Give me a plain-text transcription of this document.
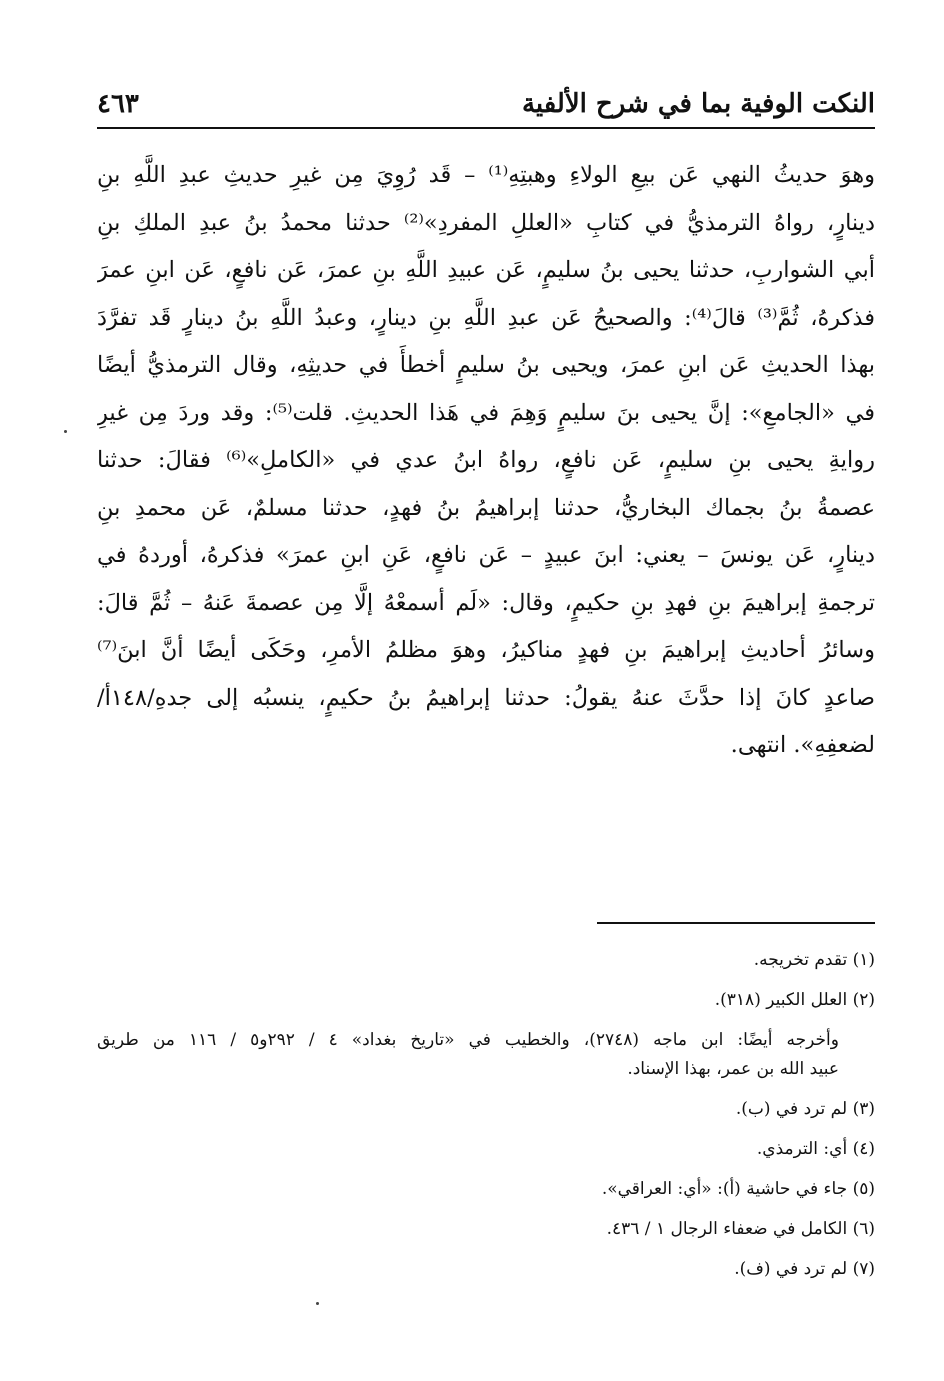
النكت الوفية بما في شرح الألفية
٤٦٣
وهوَ حديثُ النهي عَن بيعِ الولاءِ وهبتِهِ⁽¹⁾ – قَد رُوِيَ مِن غيرِ حديثِ عبدِ اللَّهِ بنِ
دينارٍ، رواهُ الترمذيُّ في كتابِ «العللِ المفردِ»⁽²⁾ حدثنا محمدُ بنُ عبدِ الملكِ بنِ
أبي الشواربِ، حدثنا يحيى بنُ سليمٍ، عَن عبيدِ اللَّهِ بنِ عمرَ، عَن نافعٍ، عَن ابنِ عمرَ
فذكرهُ، ثُمَّ⁽³⁾ قالَ⁽⁴⁾: والصحيحُ عَن عبدِ اللَّهِ بنِ دينارٍ، وعبدُ اللَّهِ بنُ دينارٍ قَد تفرَّدَ
بهذا الحديثِ عَن ابنِ عمرَ، ويحيى بنُ سليمٍ أخطأَ في حديثِهِ، وقال الترمذيُّ أيضًا
في «الجامعِ»: إنَّ يحيى بنَ سليمٍ وَهِمَ في هَذا الحديثِ. قلت⁽⁵⁾: وقد وردَ مِن غيرِ
روايةِ يحيى بنِ سليمٍ، عَن نافعٍ، رواهُ ابنُ عدي في «الكاملِ»⁽⁶⁾ فقالَ: حدثنا
عصمةُ بنُ بجماك البخاريُّ، حدثنا إبراهيمُ بنُ فهدٍ، حدثنا مسلمٌ، عَن محمدِ بنِ
دينارٍ، عَن يونسَ – يعني: ابنَ عبيدٍ – عَن نافعٍ، عَنِ ابنِ عمرَ» فذكرهُ، أوردهُ في
ترجمةِ إبراهيمَ بنِ فهدِ بنِ حكيمٍ، وقال: «لَم أسمعْهُ إلَّا مِن عصمةَ عَنهُ – ثُمَّ قالَ:
وسائرُ أحاديثِ إبراهيمَ بنِ فهدٍ مناكيرُ، وهوَ مظلمُ الأمرِ، وحَكَى أيضًا أنَّ ابنَ⁽⁷⁾
صاعدٍ كانَ إذا حدَّثَ عنهُ يقولُ: حدثنا إبراهيمُ بنُ حكيمٍ، ينسبُه إلى جدهِ/١٤٨أ/
لضعفِهِ». انتهى.
(١) تقدم تخريجه.
(٢) العلل الكبير (٣١٨).
وأخرجه أيضًا: ابن ماجه (٢٧٤٨)، والخطيب في «تاريخ بغداد» ٤ / ٢٩٢و٥ / ١١٦ من طريق
عبيد الله بن عمر، بهذا الإسناد.
(٣) لم ترد في (ب).
(٤) أي: الترمذي.
(٥) جاء في حاشية (أ): «أي: العراقي».
(٦) الكامل في ضعفاء الرجال ١ / ٤٣٦.
(٧) لم ترد في (ف).
